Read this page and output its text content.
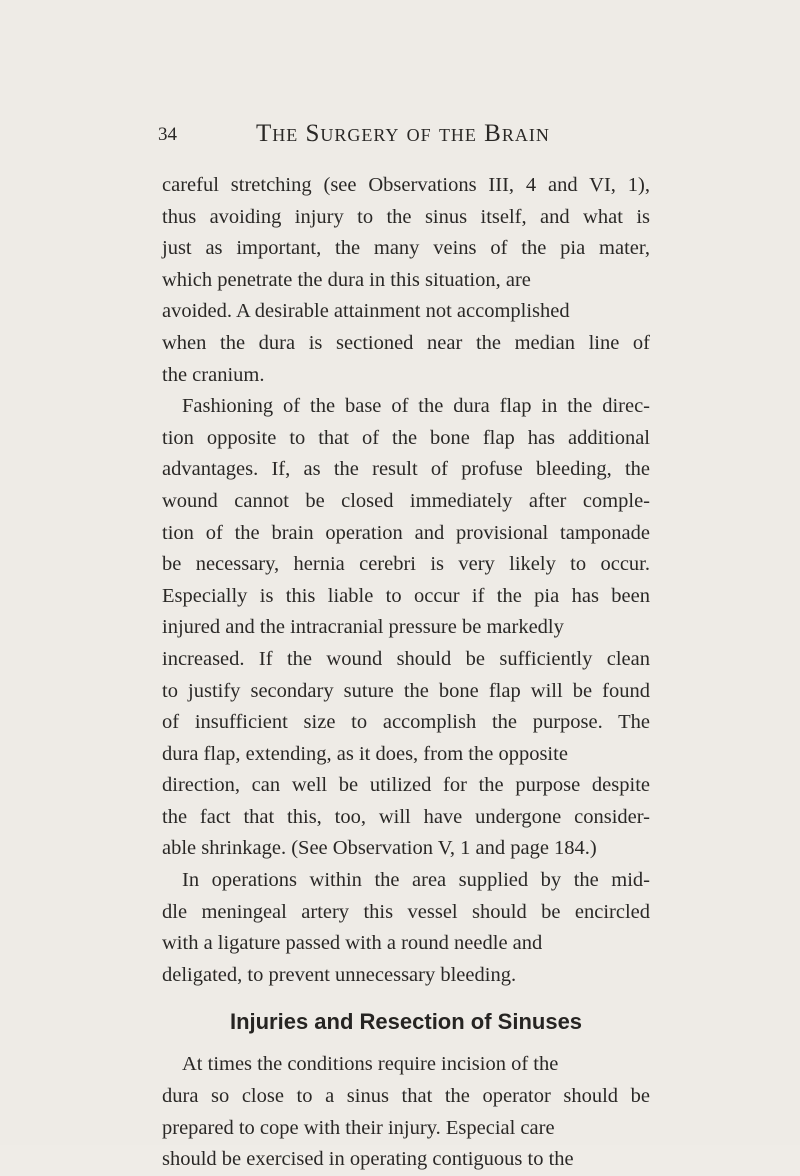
34	The Surgery of the Brain

careful stretching (see Observations III, 4 and VI, 1),
thus avoiding injury to the sinus itself, and what is
just as important, the many veins of the pia mater,
which penetrate the dura in this situation, are
avoided. A desirable attainment not accomplished
when the dura is sectioned near the median line of
the cranium.

Fashioning of the base of the dura flap in the direc-
tion opposite to that of the bone flap has additional
advantages. If, as the result of profuse bleeding, the
wound cannot be closed immediately after comple-
tion of the brain operation and provisional tamponade
be necessary, hernia cerebri is very likely to occur.
Especially is this liable to occur if the pia has been
injured and the intracranial pressure be markedly
increased. If the wound should be sufficiently clean
to justify secondary suture the bone flap will be found
of insufficient size to accomplish the purpose. The
dura flap, extending, as it does, from the opposite
direction, can well be utilized for the purpose despite
the fact that this, too, will have undergone consider-
able shrinkage. (See Observation V, 1 and page 184.)

In operations within the area supplied by the mid-
dle meningeal artery this vessel should be encircled
with a ligature passed with a round needle and
deligated, to prevent unnecessary bleeding.

Injuries and Resection of Sinuses

At times the conditions require incision of the
dura so close to a sinus that the operator should be
prepared to cope with their injury. Especial care
should be exercised in operating contiguous to the
